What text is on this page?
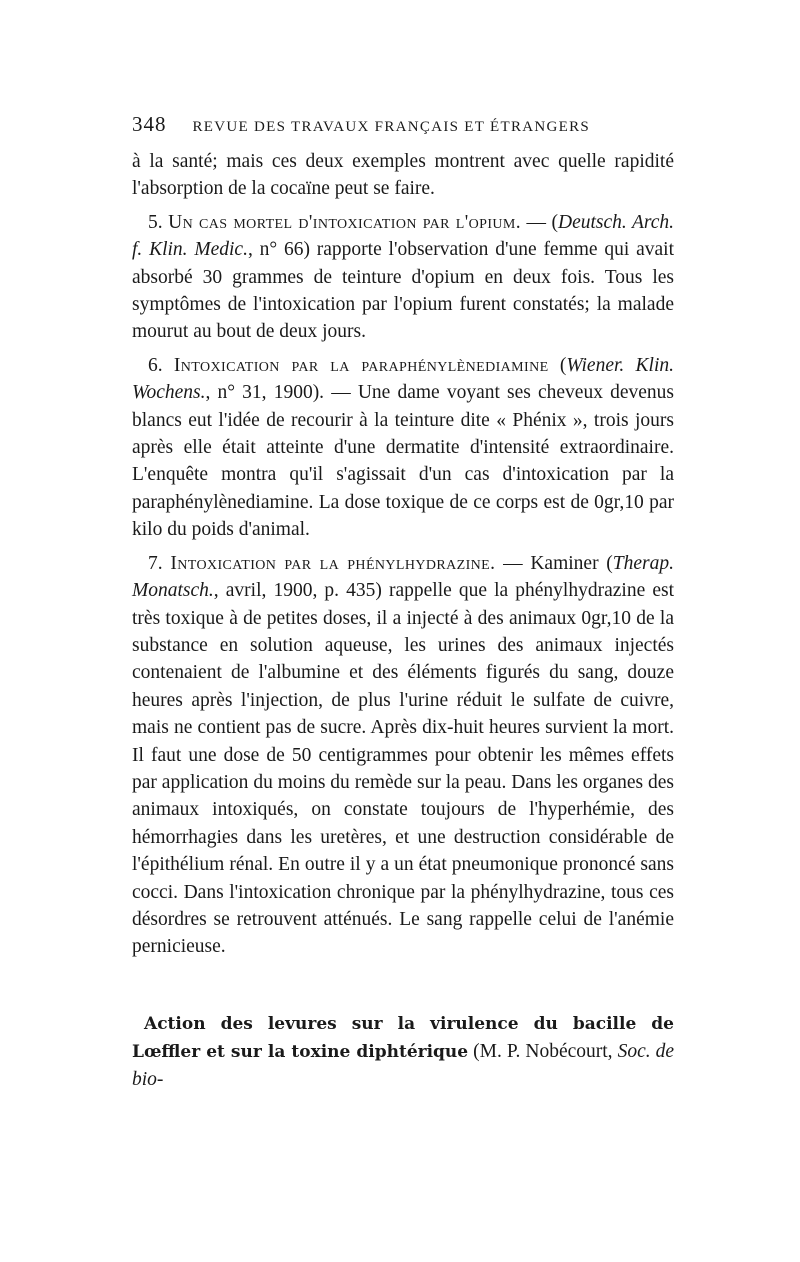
348 REVUE DES TRAVAUX FRANÇAIS ET ÉTRANGERS

à la santé; mais ces deux exemples montrent avec quelle rapidité l'absorption de la cocaïne peut se faire.

5. Un cas mortel d'intoxication par l'opium. — (Deutsch. Arch. f. Klin. Medic., n° 66) rapporte l'observation d'une femme qui avait absorbé 30 grammes de teinture d'opium en deux fois. Tous les symptômes de l'intoxication par l'opium furent constatés; la malade mourut au bout de deux jours.

6. Intoxication par la paraphénylènediamine (Wiener. Klin. Wochens., n° 31, 1900). — Une dame voyant ses cheveux devenus blancs eut l'idée de recourir à la teinture dite « Phénix », trois jours après elle était atteinte d'une dermatite d'intensité extraordinaire. L'enquête montra qu'il s'agissait d'un cas d'intoxication par la paraphénylènediamine. La dose toxique de ce corps est de 0gr,10 par kilo du poids d'animal.

7. Intoxication par la phénylhydrazine. — Kaminer (Therap. Monatsch., avril, 1900, p. 435) rappelle que la phénylhydrazine est très toxique à de petites doses, il a injecté à des animaux 0gr,10 de la substance en solution aqueuse, les urines des animaux injectés contenaient de l'albumine et des éléments figurés du sang, douze heures après l'injection, de plus l'urine réduit le sulfate de cuivre, mais ne contient pas de sucre. Après dix-huit heures survient la mort. Il faut une dose de 50 centigrammes pour obtenir les mêmes effets par application du moins du remède sur la peau. Dans les organes des animaux intoxiqués, on constate toujours de l'hyperhémie, des hémorrhagies dans les uretères, et une destruction considérable de l'épithélium rénal. En outre il y a un état pneumonique prononcé sans cocci. Dans l'intoxication chronique par la phénylhydrazine, tous ces désordres se retrouvent atténués. Le sang rappelle celui de l'anémie pernicieuse.

Action des levures sur la virulence du bacille de Lœffler et sur la toxine diphtérique (M. P. Nobécourt, Soc. de bio-
